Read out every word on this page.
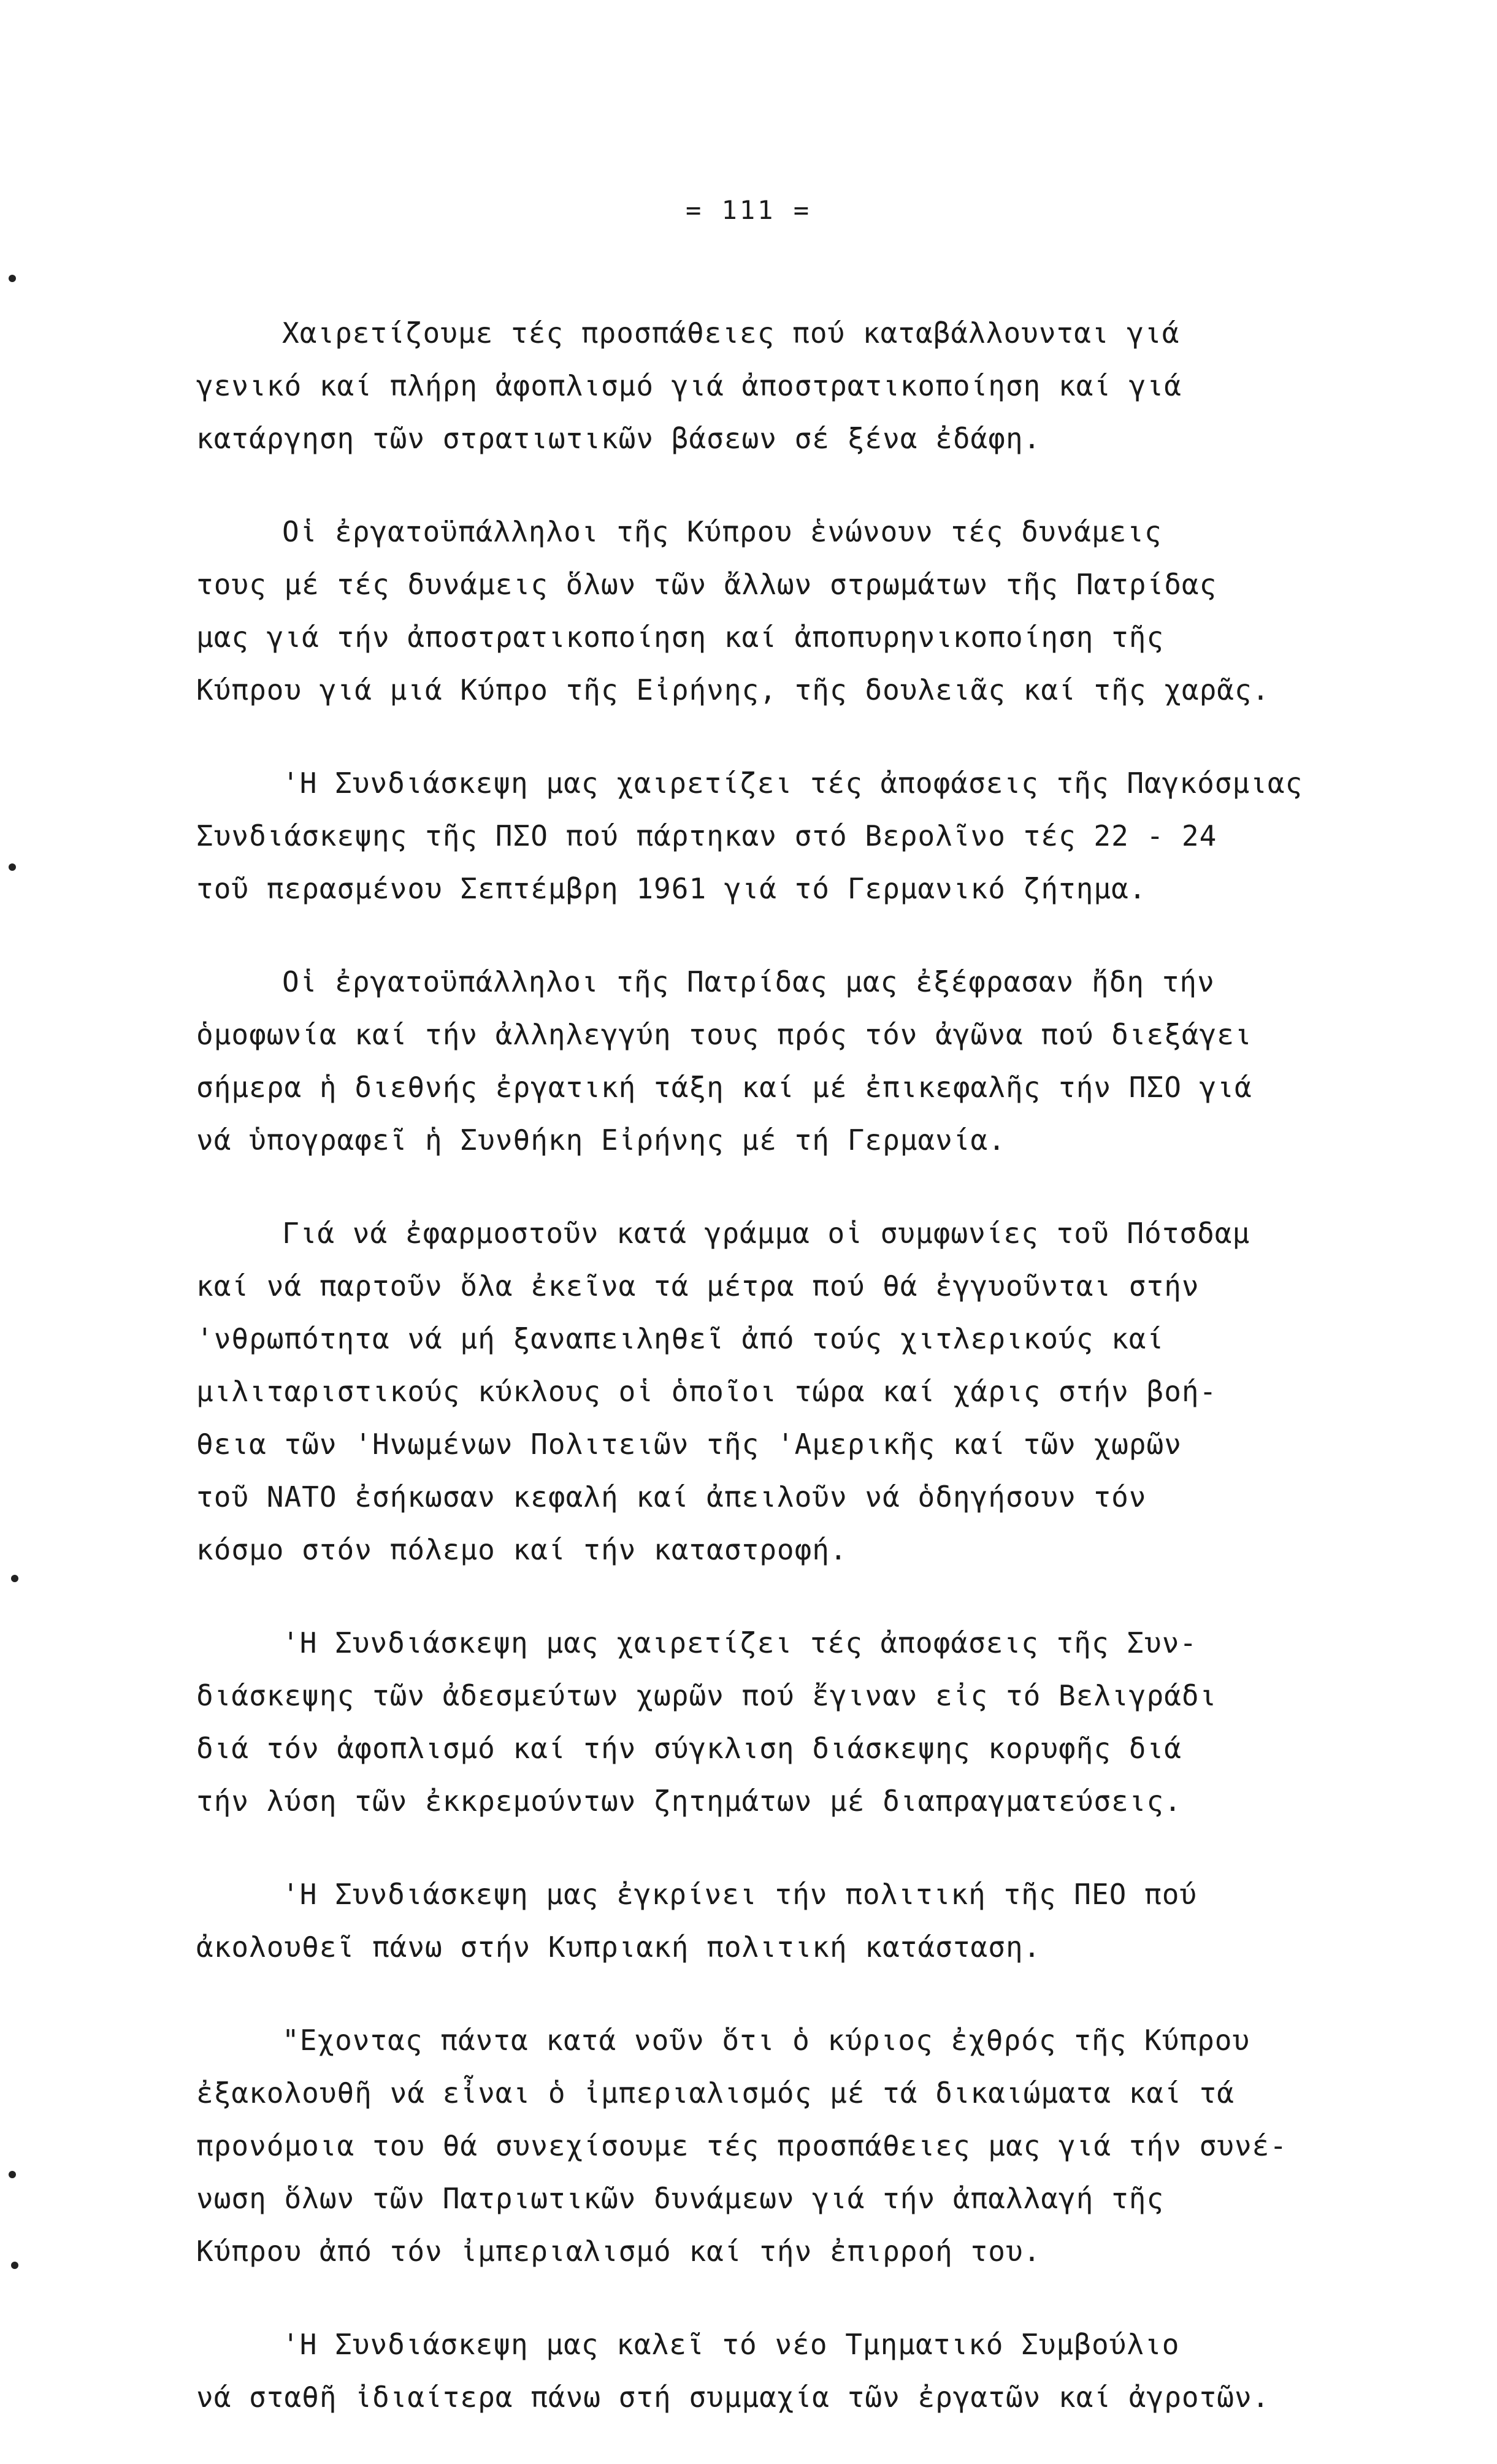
= 111 =
Χαιρετίζουμε τές προσπάθειες πού καταβάλλουνται γιά
γενικό καί πλήρη ἀφοπλισμό γιά ἀποστρατικοποίηση καί γιά
κατάργηση τῶν στρατιωτικῶν βάσεων σέ ξένα ἐδάφη.
Οἱ ἐργατοϋπάλληλοι τῆς Κύπρου ἑνώνουν τές δυνάμεις
τους μέ τές δυνάμεις ὅλων τῶν ἄλλων στρωμάτων τῆς Πατρίδας
μας γιά τήν ἀποστρατικοποίηση καί ἀποπυρηνικοποίηση τῆς
Κύπρου γιά μιά Κύπρο τῆς Εἰρήνης, τῆς δουλειᾶς καί τῆς χαρᾶς.
'Η Συνδιάσκεψη μας χαιρετίζει τές ἀποφάσεις τῆς Παγκόσμιας
Συνδιάσκεψης τῆς ΠΣΟ πού πάρτηκαν στό Βερολῖνο τές 22 - 24
τοῦ περασμένου Σεπτέμβρη 1961 γιά τό Γερμανικό ζήτημα.
Οἱ ἐργατοϋπάλληλοι τῆς Πατρίδας μας ἐξέφρασαν ἤδη τήν
ὁμοφωνία καί τήν ἀλληλεγγύη τους πρός τόν ἀγῶνα πού διεξάγει
σήμερα ἡ διεθνής ἐργατική τάξη καί μέ ἐπικεφαλῆς τήν ΠΣΟ γιά
νά ὑπογραφεῖ ἡ Συνθήκη Εἰρήνης μέ τή Γερμανία.
Γιά νά ἐφαρμοστοῦν κατά γράμμα οἱ συμφωνίες τοῦ Πότσδαμ
καί νά παρτοῦν ὅλα ἐκεῖνα τά μέτρα πού θά ἐγγυοῦνται στήν
'νθρωπότητα νά μή ξαναπειληθεῖ ἀπό τούς χιτλερικούς καί
μιλιταριστικούς κύκλους οἱ ὁποῖοι τώρα καί χάρις στήν βοή-
θεια τῶν 'Ηνωμένων Πολιτειῶν τῆς 'Αμερικῆς καί τῶν χωρῶν
τοῦ ΝΑΤΟ ἐσήκωσαν κεφαλή καί ἀπειλοῦν νά ὁδηγήσουν τόν
κόσμο στόν πόλεμο καί τήν καταστροφή.
'Η Συνδιάσκεψη μας χαιρετίζει τές ἀποφάσεις τῆς Συν-
διάσκεψης τῶν ἀδεσμεύτων χωρῶν πού ἔγιναν εἰς τό Βελιγράδι
διά τόν ἀφοπλισμό καί τήν σύγκλιση διάσκεψης κορυφῆς διά
τήν λύση τῶν ἐκκρεμούντων ζητημάτων μέ διαπραγματεύσεις.
'Η Συνδιάσκεψη μας ἐγκρίνει τήν πολιτική τῆς ΠΕΟ πού
ἀκολουθεῖ πάνω στήν Κυπριακή πολιτική κατάσταση.
"Εχοντας πάντα κατά νοῦν ὅτι ὁ κύριος ἐχθρός τῆς Κύπρου
ἐξακολουθῆ νά εἶναι ὁ ἰμπεριαλισμός μέ τά δικαιώματα καί τά
προνόμοια του θά συνεχίσουμε τές προσπάθειες μας γιά τήν συνέ-
νωση ὅλων τῶν Πατριωτικῶν δυνάμεων γιά τήν ἀπαλλαγή τῆς
Κύπρου ἀπό τόν ἰμπεριαλισμό καί τήν ἐπιρροή του.
'Η Συνδιάσκεψη μας καλεῖ τό νέο Τμηματικό Συμβούλιο
νά σταθῆ ἰδιαίτερα πάνω στή συμμαχία τῶν ἐργατῶν καί ἀγροτῶν.
